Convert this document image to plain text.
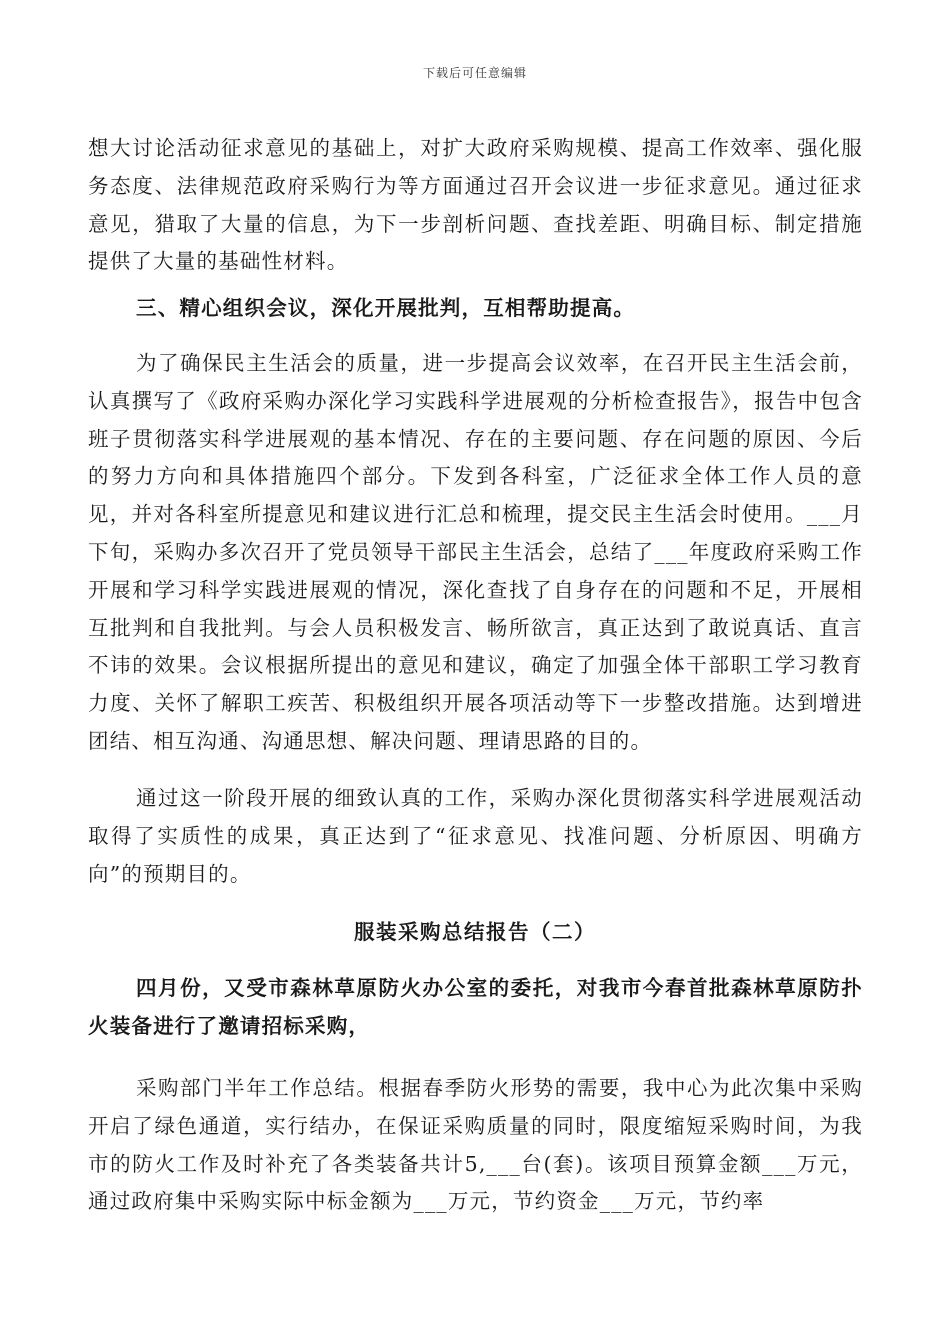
下载后可任意编辑

想大讨论活动征求意见的基础上，对扩大政府采购规模、提高工作效率、强化服务态度、法律规范政府采购行为等方面通过召开会议进一步征求意见。通过征求意见，猎取了大量的信息，为下一步剖析问题、查找差距、明确目标、制定措施提供了大量的基础性材料。

三、精心组织会议，深化开展批判，互相帮助提高。

为了确保民主生活会的质量，进一步提高会议效率，在召开民主生活会前，认真撰写了《政府采购办深化学习实践科学进展观的分析检查报告》，报告中包含班子贯彻落实科学进展观的基本情况、存在的主要问题、存在问题的原因、今后的努力方向和具体措施四个部分。下发到各科室，广泛征求全体工作人员的意见，并对各科室所提意见和建议进行汇总和梳理，提交民主生活会时使用。___月下旬，采购办多次召开了党员领导干部民主生活会，总结了___年度政府采购工作开展和学习科学实践进展观的情况，深化查找了自身存在的问题和不足，开展相互批判和自我批判。与会人员积极发言、畅所欲言，真正达到了敢说真话、直言不讳的效果。会议根据所提出的意见和建议，确定了加强全体干部职工学习教育力度、关怀了解职工疾苦、积极组织开展各项活动等下一步整改措施。达到增进团结、相互沟通、沟通思想、解决问题、理请思路的目的。

通过这一阶段开展的细致认真的工作，采购办深化贯彻落实科学进展观活动取得了实质性的成果，真正达到了“征求意见、找准问题、分析原因、明确方向”的预期目的。

服装采购总结报告（二）

四月份，又受市森林草原防火办公室的委托，对我市今春首批森林草原防扑火装备进行了邀请招标采购，

采购部门半年工作总结。根据春季防火形势的需要，我中心为此次集中采购开启了绿色通道，实行结办，在保证采购质量的同时，限度缩短采购时间，为我市的防火工作及时补充了各类装备共计5,___台(套)。该项目预算金额___万元，通过政府集中采购实际中标金额为___万元，节约资金___万元，节约率
